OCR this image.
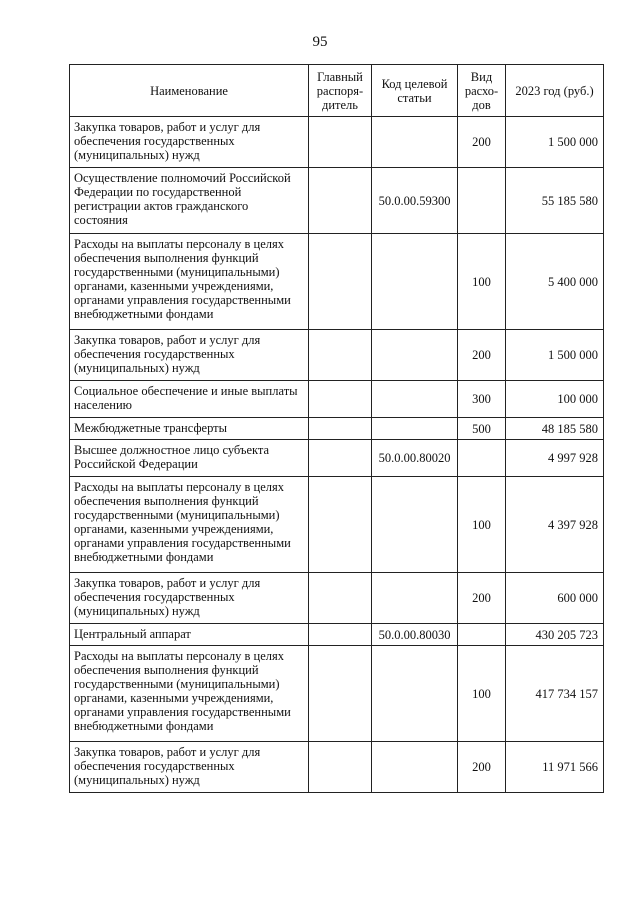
95
Наименование	Главный распоря-дитель	Код целевой статьи	Вид расхо-дов	2023 год (руб.)
Закупка товаров, работ и услуг для обеспечения государственных (муниципальных) нужд			200	1 500 000
Осуществление полномочий Российской Федерации по государственной регистрации актов гражданского состояния		50.0.00.59300		55 185 580
Расходы на выплаты персоналу в целях обеспечения выполнения функций государственными (муниципальными) органами, казенными учреждениями, органами управления государственными внебюджетными фондами			100	5 400 000
Закупка товаров, работ и услуг для обеспечения государственных (муниципальных) нужд			200	1 500 000
Социальное обеспечение и иные выплаты населению			300	100 000
Межбюджетные трансферты			500	48 185 580
Высшее должностное лицо субъекта Российской Федерации		50.0.00.80020		4 997 928
Расходы на выплаты персоналу в целях обеспечения выполнения функций государственными (муниципальными) органами, казенными учреждениями, органами управления государственными внебюджетными фондами			100	4 397 928
Закупка товаров, работ и услуг для обеспечения государственных (муниципальных) нужд			200	600 000
Центральный аппарат		50.0.00.80030		430 205 723
Расходы на выплаты персоналу в целях обеспечения выполнения функций государственными (муниципальными) органами, казенными учреждениями, органами управления государственными внебюджетными фондами			100	417 734 157
Закупка товаров, работ и услуг для обеспечения государственных (муниципальных) нужд			200	11 971 566
